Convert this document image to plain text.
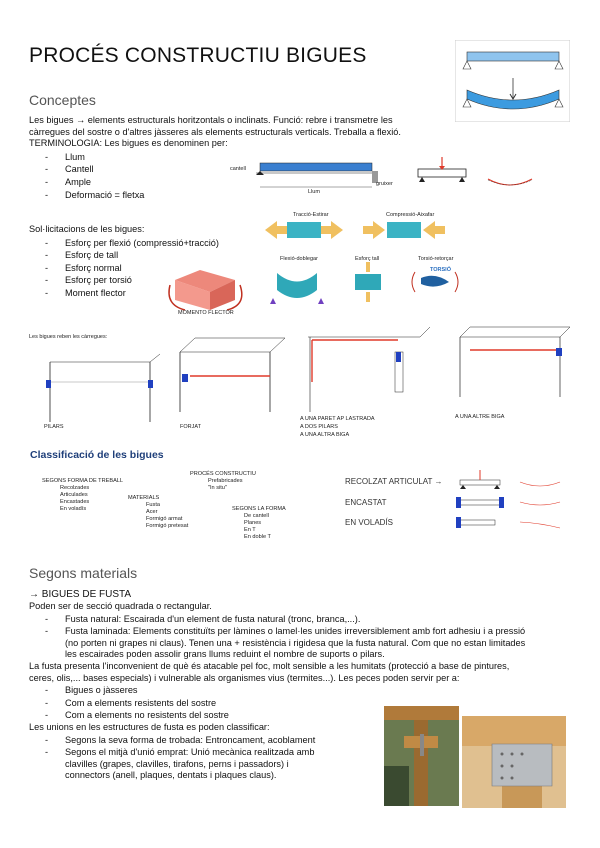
PROCÉS CONSTRUCTIU BIGUES
Conceptes

Les bigues → elements estructurals horitzontals o inclinats. Funció: rebre i transmetre les

càrregues del sostre o d'altres jàsseres als elements estructurals verticals. Treballa a flexió.

TERMINOLOGIA: Les bigues es denominen per:

- Llum
- Cantell
- Ample
- Deformació = fletxa
cantell
Llum
gruixer

Sol·licitacions de les bigues:

- Esforç per flexió (compressió+tracció)
- Esforç de tall
- Esforç normal
- Esforç per torsió
- Moment flector
Tracció-Estirar	Compressió-Aixafar
Flexió-doblegar	Esforç tall	Torsió-retorçar
TORSIÓ
MOMENTO FLECTOR
Les bigues reben les càrregues:
A UNA PARET AP LASTRADA
A DOS PILARS
A UNA ALTRA BIGA
A UNA ALTRE BIGA
FORJAT
PILARS
Classificació de les bigues
SEGONS FORMA DE TREBALL
Recolzades
Articulades
Encastades
En voladís
MATERIALS
Fusta
Acer
Formigó armat
Formigó pretesat
PROCÉS CONSTRUCTIU
Prefabricades
"In situ"
SEGONS LA FORMA
De cantell
Planes
En T
En doble T
RECOLZAT ARTICULAT →
ENCASTAT
EN VOLADÍS
Segons materials

→ BIGUES DE FUSTA

Poden ser de secció quadrada o rectangular.

- Fusta natural: Escairada d'un element de fusta natural (tronc, branca,...).
- Fusta laminada: Elements constituïts per làmines o lamel·les unides irreversiblement amb fort adhesiu i a pressió

(no porten ni grapes ni claus). Tenen una + resistència i rigidesa que la fusta natural. Com que no estan limitades

les escairades poden assolir grans llums reduint el nombre de suports o pilars.

La fusta presenta l'inconvenient de què és atacable pel foc, molt sensible a les humitats (protecció a base de pintures,

ceres, olis,... bases especials) i vulnerable als organismes vius (termites...). Les peces poden servir per a:

- Bigues o jàsseres
- Com a elements resistents del sostre
- Com a elements no resistents del sostre

Les unions en les estructures de fusta es poden classificar:

- Segons la seva forma de trobada: Entroncament, acoblament
- Segons el mitjà d'unió emprat: Unió mecànica realitzada amb

clavilles (grapes, clavilles, tirafons, perns i passadors) i

connectors (anell, plaques, dentats i plaques claus).
